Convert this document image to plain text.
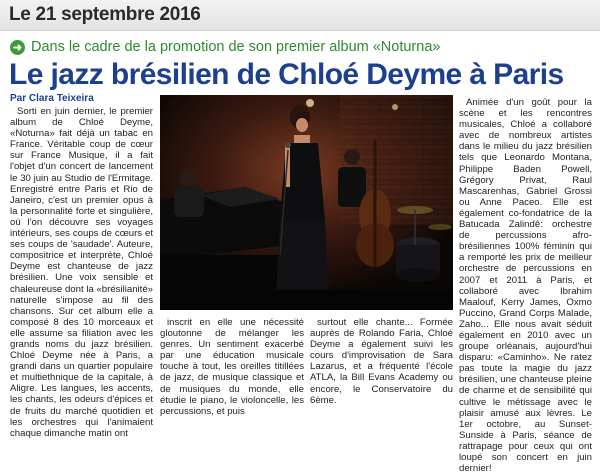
Le 21 septembre 2016
➜ Dans le cadre de la promotion de son premier album «Noturna»
Le jazz brésilien de Chloé Deyme à Paris
Par Clara Teixeira

Sorti en juin dernier, le premier album de Chloé Deyme, «Noturna» fait déjà un tabac en France. Véritable coup de cœur sur France Musique, il a fait l'objet d'un concert de lancement le 30 juin au Studio de l'Ermitage. Enregistré entre Paris et Rio de Janeiro, c'est un premier opus à la personnalité forte et singulière, où l'on découvre ses voyages intérieurs, ses coups de cœurs et ses coups de 'saudade'. Auteure, compositrice et interprète, Chloé Deyme est chanteuse de jazz brésilien. Une voix sensible et chaleureuse dont la «brésilianité» naturelle s'impose au fil des chansons. Sur cet album elle a composé 8 des 10 morceaux et elle assume sa filiation avec les grands noms du jazz brésilien. Chloé Deyme née à Paris, a grandi dans un quartier populaire et multiethnique de la capitale, à Aligre. Les langues, les accents, les chants, les odeurs d'épices et de fruits du marché quotidien et les orchestres qui l'animaient chaque dimanche matin ont

inscrit en elle une nécessité gloutonne de mélanger les genres. Un sentiment exacerbé par une éducation musicale touche à tout, les oreilles titillées de jazz, de musique classique et de musiques du monde, elle étudie le piano, le violoncelle, les percussions, et puis

surtout elle chante... Formée auprès de Rolando Faria, Chloé Deyme a également suivi les cours d'improvisation de Sara Lazarus, et a fréquenté l'école ATLA, la Bill Evans Academy ou encore, le Conservatoire du 6ème.

Animée d'un goût pour la scène et les rencontres musicales, Chloé a collaboré avec de nombreux artistes dans le milieu du jazz brésilien tels que Leonardo Montana, Philippe Baden Powell, Grégory Privat, Raul Mascarenhas, Gabriel Grossi ou Anne Paceo. Elle est également co-fondatrice de la Batucada Zalindê: orchestre de percussions afro-brésiliennes 100% féminin qui a remporté les prix de meilleur orchestre de percussions en 2007 et 2011 à Paris, et collaboré avec Ibrahim Maalouf, Kerry James, Oxmo Puccino, Grand Corps Malade, Zaho... Elle nous avait séduit également en 2010 avec un groupe orléanais, aujourd'hui disparu: «Caminho». Ne ratez pas toute la magie du jazz brésilien, une chanteuse pleine de charme et de sensibilité qui cultive le métissage avec le plaisir amusé aux lèvres. Le 1er octobre, au Sunset-Sunside à Paris, séance de rattrapage pour ceux qui ont loupé son concert en juin dernier!
